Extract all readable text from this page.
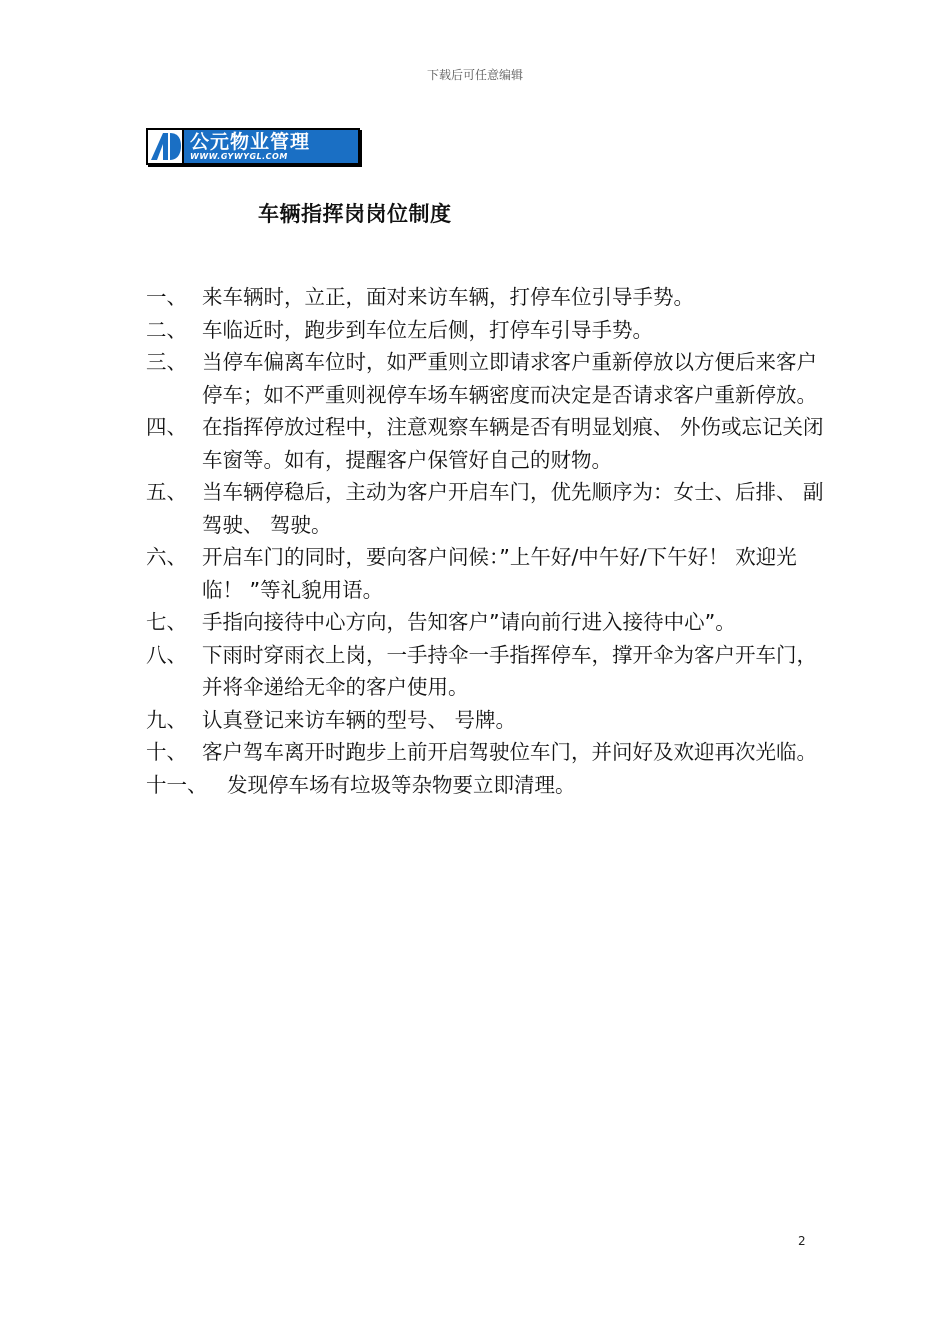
下载后可任意编辑
公元物业管理
WWW.GYWYGL.COM
车辆指挥岗岗位制度
一、 来车辆时，立正，面对来访车辆，打停车位引导手势。
二、 车临近时，跑步到车位左后侧，打停车引导手势。
三、 当停车偏离车位时，如严重则立即请求客户重新停放以方便后来客户停车；如不严重则视停车场车辆密度而决定是否请求客户重新停放。
四、 在指挥停放过程中，注意观察车辆是否有明显划痕、 外伤或忘记关闭车窗等。如有，提醒客户保管好自己的财物。
五、 当车辆停稳后，主动为客户开启车门，优先顺序为：女士、后排、 副驾驶、 驾驶。
六、 开启车门的同时，要向客户问候：”上午好/中午好/下午好！ 欢迎光临！ ”等礼貌用语。
七、 手指向接待中心方向，告知客户”请向前行进入接待中心”。
八、 下雨时穿雨衣上岗，一手持伞一手指挥停车，撑开伞为客户开车门，并将伞递给无伞的客户使用。
九、 认真登记来访车辆的型号、 号牌。
十、 客户驾车离开时跑步上前开启驾驶位车门，并问好及欢迎再次光临。
十一、 发现停车场有垃圾等杂物要立即清理。
2
